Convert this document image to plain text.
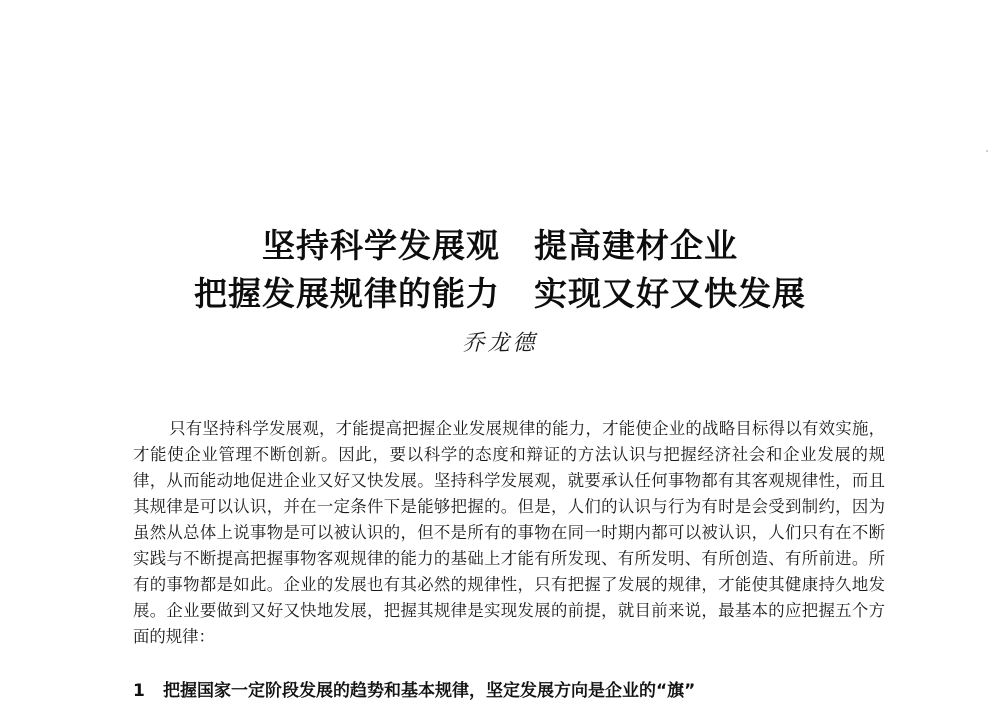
坚持科学发展观　提高建材企业
把握发展规律的能力　实现又好又快发展
乔龙德

只有坚持科学发展观，才能提高把握企业发展规律的能力，才能使企业的战略目标得以有效实施，才能使企业管理不断创新。因此，要以科学的态度和辩证的方法认识与把握经济社会和企业发展的规律，从而能动地促进企业又好又快发展。坚持科学发展观，就要承认任何事物都有其客观规律性，而且其规律是可以认识，并在一定条件下是能够把握的。但是，人们的认识与行为有时是会受到制约，因为虽然从总体上说事物是可以被认识的，但不是所有的事物在同一时期内都可以被认识，人们只有在不断实践与不断提高把握事物客观规律的能力的基础上才能有所发现、有所发明、有所创造、有所前进。所有的事物都是如此。企业的发展也有其必然的规律性，只有把握了发展的规律，才能使其健康持久地发展。企业要做到又好又快地发展，把握其规律是实现发展的前提，就目前来说，最基本的应把握五个方面的规律：

1 把握国家一定阶段发展的趋势和基本规律，坚定发展方向是企业的“旗”
